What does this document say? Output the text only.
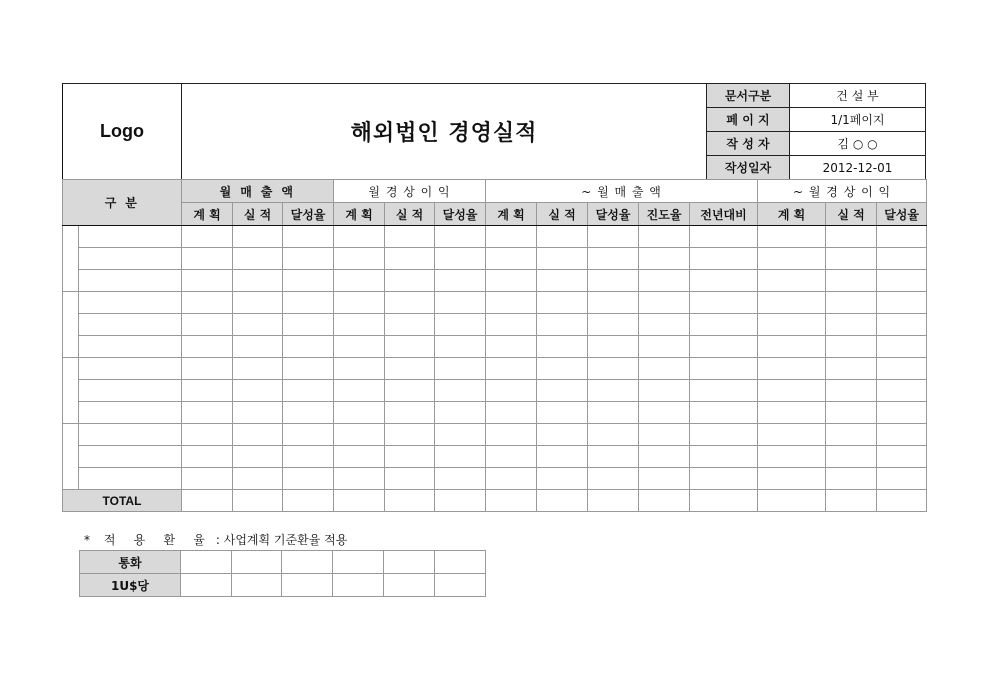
Logo	해외법인 경영실적	문서구분	건 설 부
		페 이 지	1/1페이지
		작 성 자	김 ○ ○
		작성일자	2012-12-01
구 분		월 매 출 액			월 경 상 이 익			~ 월 매 출 액					~ 월 경 상 이 익		
		계 획	실 적	달성율	계 획	실 적	달성율	계 획	실 적	달성율	진도율	전년대비	계 획	실 적	달성율

TOTAL															
* 적 용 환 율 : 사업계획 기준환율 적용
통화						
1U$당						
